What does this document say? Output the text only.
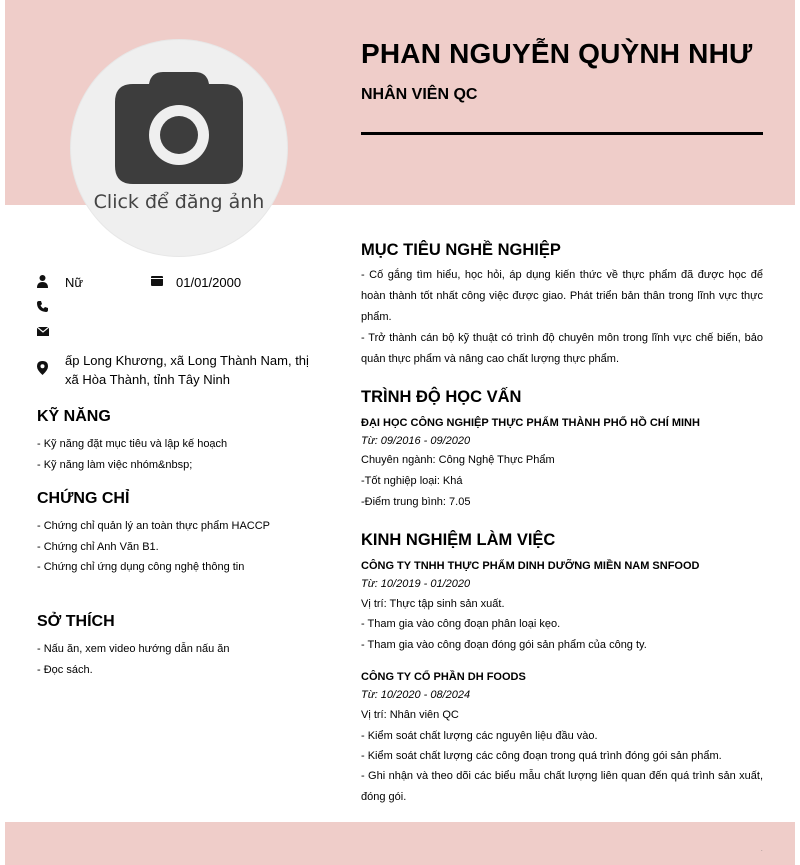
Click để đăng ảnh
PHAN NGUYỄN QUỲNH NHƯ
NHÂN VIÊN QC
Nữ	01/01/2000
ấp Long Khương, xã Long Thành Nam, thị
xã Hòa Thành, tỉnh Tây Ninh
KỸ NĂNG
- Kỹ năng đặt mục tiêu và lập kế hoạch
- Kỹ năng làm việc nhóm&nbsp;
CHỨNG CHỈ
- Chứng chỉ quản lý an toàn thực phẩm HACCP
- Chứng chỉ Anh Văn B1.
- Chứng chỉ ứng dụng công nghệ thông tin
SỞ THÍCH
- Nấu ăn, xem video hướng dẫn nấu ăn
- Đọc sách.
MỤC TIÊU NGHỀ NGHIỆP
- Cố gắng tìm hiểu, học hỏi, áp dụng kiến thức về thực phẩm đã được học để hoàn thành tốt nhất công việc được giao. Phát triển bản thân trong lĩnh vực thực phẩm.
- Trở thành cán bộ kỹ thuật có trình độ chuyên môn trong lĩnh vực chế biến, bảo quản thực phẩm và nâng cao chất lượng thực phẩm.
TRÌNH ĐỘ HỌC VẤN
ĐẠI HỌC CÔNG NGHIỆP THỰC PHẨM THÀNH PHỐ HỒ CHÍ MINH
Từ: 09/2016 - 09/2020
Chuyên ngành: Công Nghệ Thực Phẩm
-Tốt nghiệp loại: Khá
-Điểm trung bình: 7.05
KINH NGHIỆM LÀM VIỆC
CÔNG TY TNHH THỰC PHẨM DINH DƯỠNG MIỀN NAM SNFOOD
Từ: 10/2019 - 01/2020
Vị trí: Thực tập sinh sản xuất.
- Tham gia vào công đoạn phân loại kẹo.
- Tham gia vào công đoạn đóng gói sản phẩm của công ty.
CÔNG TY CỔ PHẦN DH FOODS
Từ: 10/2020 - 08/2024
Vị trí: Nhân viên QC
- Kiểm soát chất lượng các nguyên liệu đầu vào.
- Kiểm soát chất lượng các công đoạn trong quá trình đóng gói sản phẩm.
- Ghi nhận và theo dõi các biểu mẫu chất lượng liên quan đến quá trình sản xuất, đóng gói.
.
